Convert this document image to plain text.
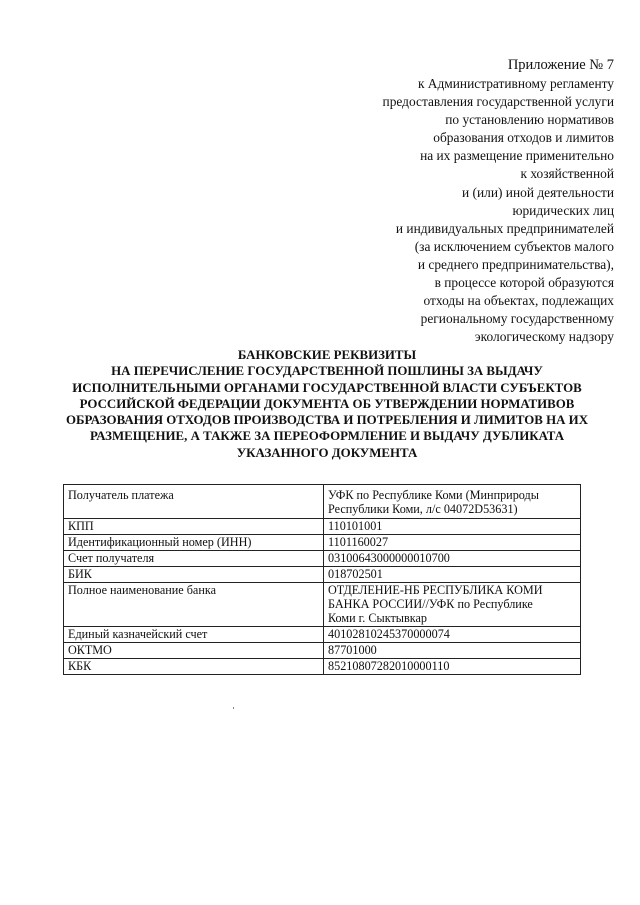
Приложение № 7
к Административному регламенту
предоставления государственной услуги
по установлению нормативов
образования отходов и лимитов
на их размещение применительно
к хозяйственной
и (или) иной деятельности
юридических лиц
и индивидуальных предпринимателей
(за исключением субъектов малого
и среднего предпринимательства),
в процессе которой образуются
отходы на объектах, подлежащих
региональному государственному
экологическому надзору
БАНКОВСКИЕ РЕКВИЗИТЫ
НА ПЕРЕЧИСЛЕНИЕ ГОСУДАРСТВЕННОЙ ПОШЛИНЫ ЗА ВЫДАЧУ
ИСПОЛНИТЕЛЬНЫМИ ОРГАНАМИ ГОСУДАРСТВЕННОЙ ВЛАСТИ СУБЪЕКТОВ
РОССИЙСКОЙ ФЕДЕРАЦИИ ДОКУМЕНТА ОБ УТВЕРЖДЕНИИ НОРМАТИВОВ
ОБРАЗОВАНИЯ ОТХОДОВ ПРОИЗВОДСТВА И ПОТРЕБЛЕНИЯ И ЛИМИТОВ НА ИХ
РАЗМЕЩЕНИЕ, А ТАКЖЕ ЗА ПЕРЕОФОРМЛЕНИЕ И ВЫДАЧУ ДУБЛИКАТА
УКАЗАННОГО ДОКУМЕНТА
Получатель платежа	УФК по Республике Коми (Минприроды
Республики Коми, л/с 04072D53631)

КПП	110101001
Идентификационный номер (ИНН)	1101160027
Счет получателя	03100643000000010700
БИК	018702501
Полное наименование банка	ОТДЕЛЕНИЕ-НБ РЕСПУБЛИКА КОМИ
БАНКА РОССИИ//УФК по Республике
Коми г. Сыктывкар

Единый казначейский счет	40102810245370000074
ОКТМО	87701000
КБК	85210807282010000110
